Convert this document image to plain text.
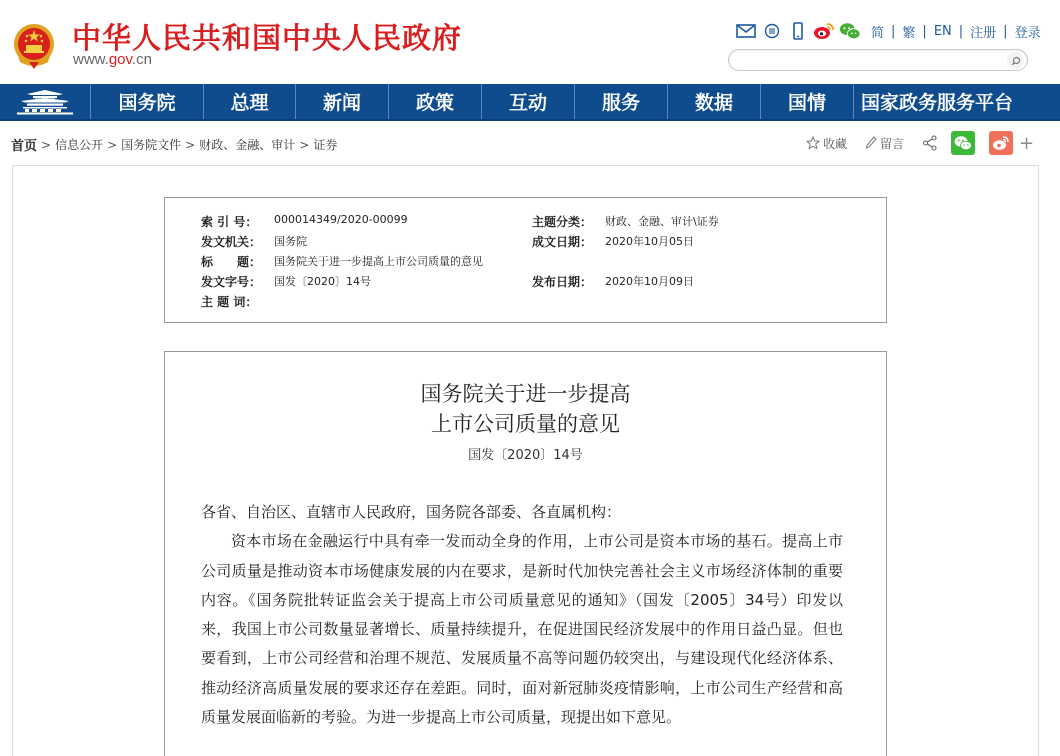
中华人民共和国中央人民政府
www.gov.cn
简 | 繁 | EN | 注册 | 登录
国务院	总理	新闻	政策	互动	服务	数据	国情	国家政务服务平台
首页 > 信息公开 > 国务院文件 > 财政、金融、审计 > 证券	收藏	留言	+
索 引 号：	000014349/2020-00099
发文机关：	国务院
标　　题：	国务院关于进一步提高上市公司质量的意见
发文字号：	国发〔2020〕14号
主 题 词：
主题分类：	财政、金融、审计\证券
成文日期：	2020年10月05日
发布日期：	2020年10月09日
国务院关于进一步提高
上市公司质量的意见
国发〔2020〕14号

各省、自治区、直辖市人民政府，国务院各部委、各直属机构：

资本市场在金融运行中具有牵一发而动全身的作用，上市公司是资本市场的基石。提高上市公司质量是推动资本市场健康发展的内在要求，是新时代加快完善社会主义市场经济体制的重要内容。《国务院批转证监会关于提高上市公司质量意见的通知》（国发〔2005〕34号）印发以来，我国上市公司数量显著增长、质量持续提升，在促进国民经济发展中的作用日益凸显。但也要看到，上市公司经营和治理不规范、发展质量不高等问题仍较突出，与建设现代化经济体系、推动经济高质量发展的要求还存在差距。同时，面对新冠肺炎疫情影响，上市公司生产经营和高质量发展面临新的考验。为进一步提高上市公司质量，现提出如下意见。
